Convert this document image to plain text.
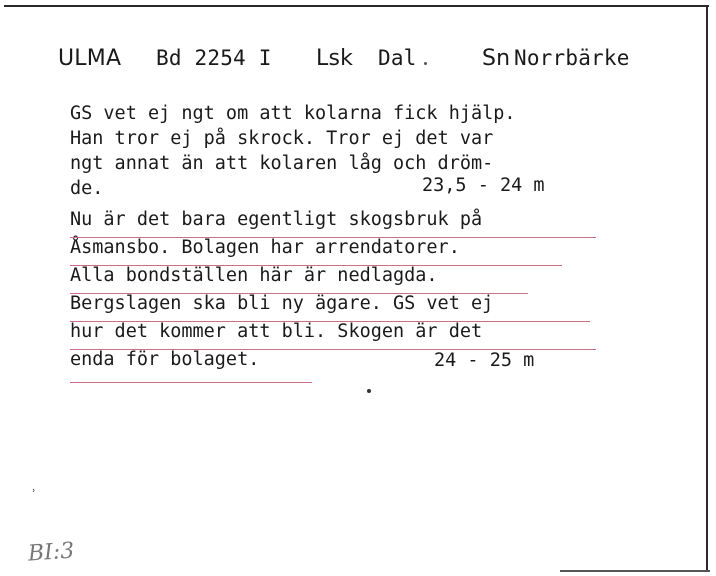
ULMA Bd 2254 I Lsk Dal	Sn Norrbärke
GS vet ej ngt om att kolarna fick hjälp.
Han tror ej på skrock. Tror ej det var
ngt annat än att kolaren låg och dröm-
de.	23,5 - 24 m
Nu är det bara egentligt skogsbruk på
Åsmansbo. Bolagen har arrendatorer.
Alla bondställen här är nedlagda.
Bergslagen ska bli ny ägare. GS vet ej
hur det kommer att bli. Skogen är det
enda för bolaget.	24 - 25 m
˒
BI:3
